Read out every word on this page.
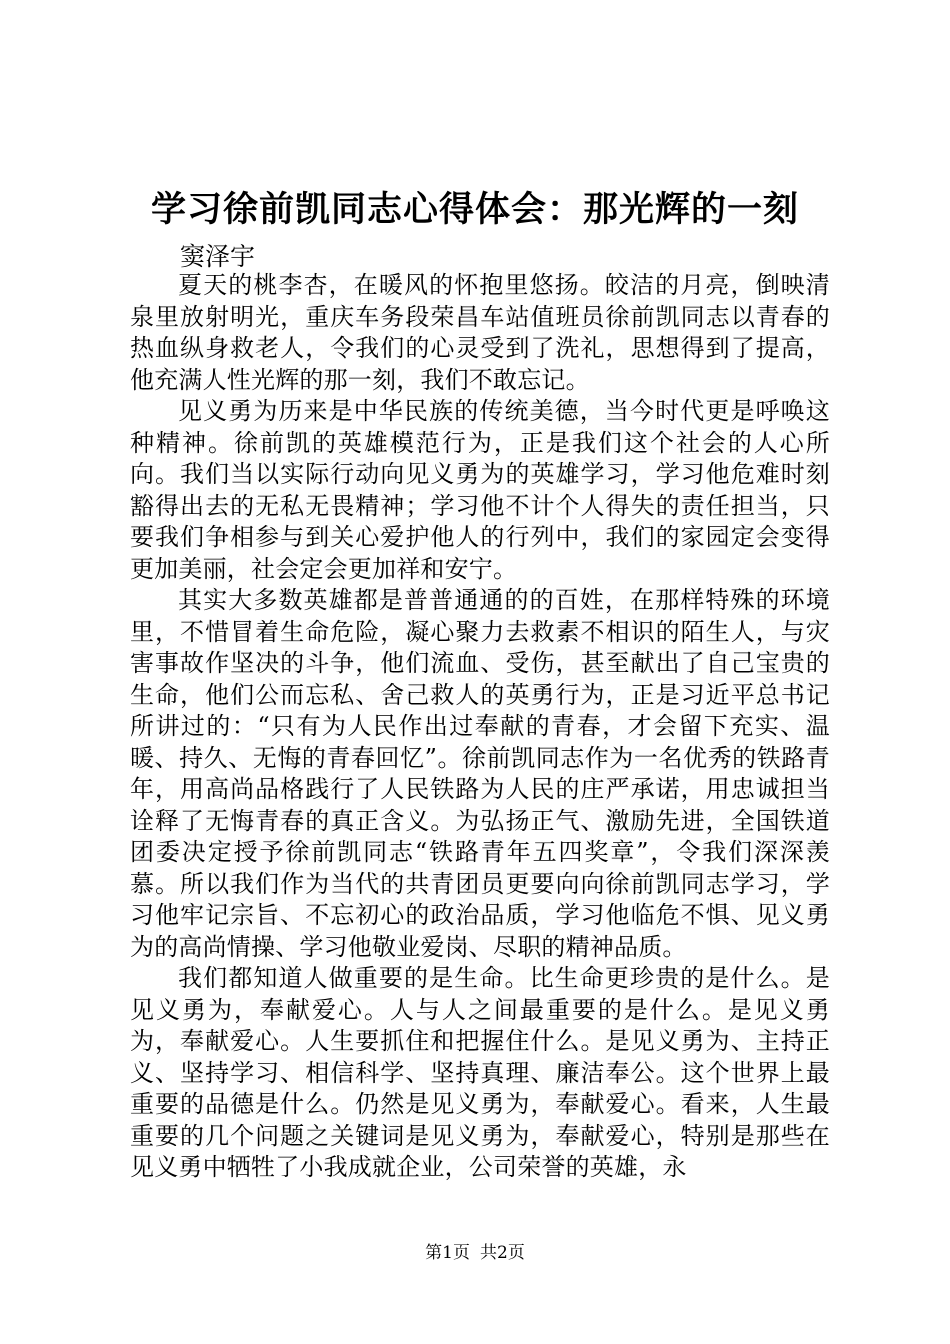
学习徐前凯同志心得体会：那光辉的一刻
窦泽宇

夏天的桃李杏，在暖风的怀抱里悠扬。皎洁的月亮，倒映清泉里放射明光，重庆车务段荣昌车站值班员徐前凯同志以青春的热血纵身救老人，令我们的心灵受到了洗礼，思想得到了提高，他充满人性光辉的那一刻，我们不敢忘记。

见义勇为历来是中华民族的传统美德，当今时代更是呼唤这种精神。徐前凯的英雄模范行为，正是我们这个社会的人心所向。我们当以实际行动向见义勇为的英雄学习，学习他危难时刻豁得出去的无私无畏精神；学习他不计个人得失的责任担当，只要我们争相参与到关心爱护他人的行列中，我们的家园定会变得更加美丽，社会定会更加祥和安宁。

其实大多数英雄都是普普通通的的百姓，在那样特殊的环境里，不惜冒着生命危险，凝心聚力去救素不相识的陌生人，与灾害事故作坚决的斗争，他们流血、受伤，甚至献出了自己宝贵的生命，他们公而忘私、舍己救人的英勇行为，正是习近平总书记所讲过的：“只有为人民作出过奉献的青春，才会留下充实、温暖、持久、无悔的青春回忆”。徐前凯同志作为一名优秀的铁路青年，用高尚品格践行了人民铁路为人民的庄严承诺，用忠诚担当诠释了无悔青春的真正含义。为弘扬正气、激励先进，全国铁道团委决定授予徐前凯同志“铁路青年五四奖章”，令我们深深羡慕。所以我们作为当代的共青团员更要向向徐前凯同志学习，学习他牢记宗旨、不忘初心的政治品质，学习他临危不惧、见义勇为的高尚情操、学习他敬业爱岗、尽职的精神品质。

我们都知道人做重要的是生命。比生命更珍贵的是什么。是见义勇为，奉献爱心。人与人之间最重要的是什么。是见义勇为，奉献爱心。人生要抓住和把握住什么。是见义勇为、主持正义、坚持学习、相信科学、坚持真理、廉洁奉公。这个世界上最重要的品德是什么。仍然是见义勇为，奉献爱心。看来，人生最重要的几个问题之关键词是见义勇为，奉献爱心，特别是那些在见义勇中牺牲了小我成就企业，公司荣誉的英雄，永

第1页 共2页
